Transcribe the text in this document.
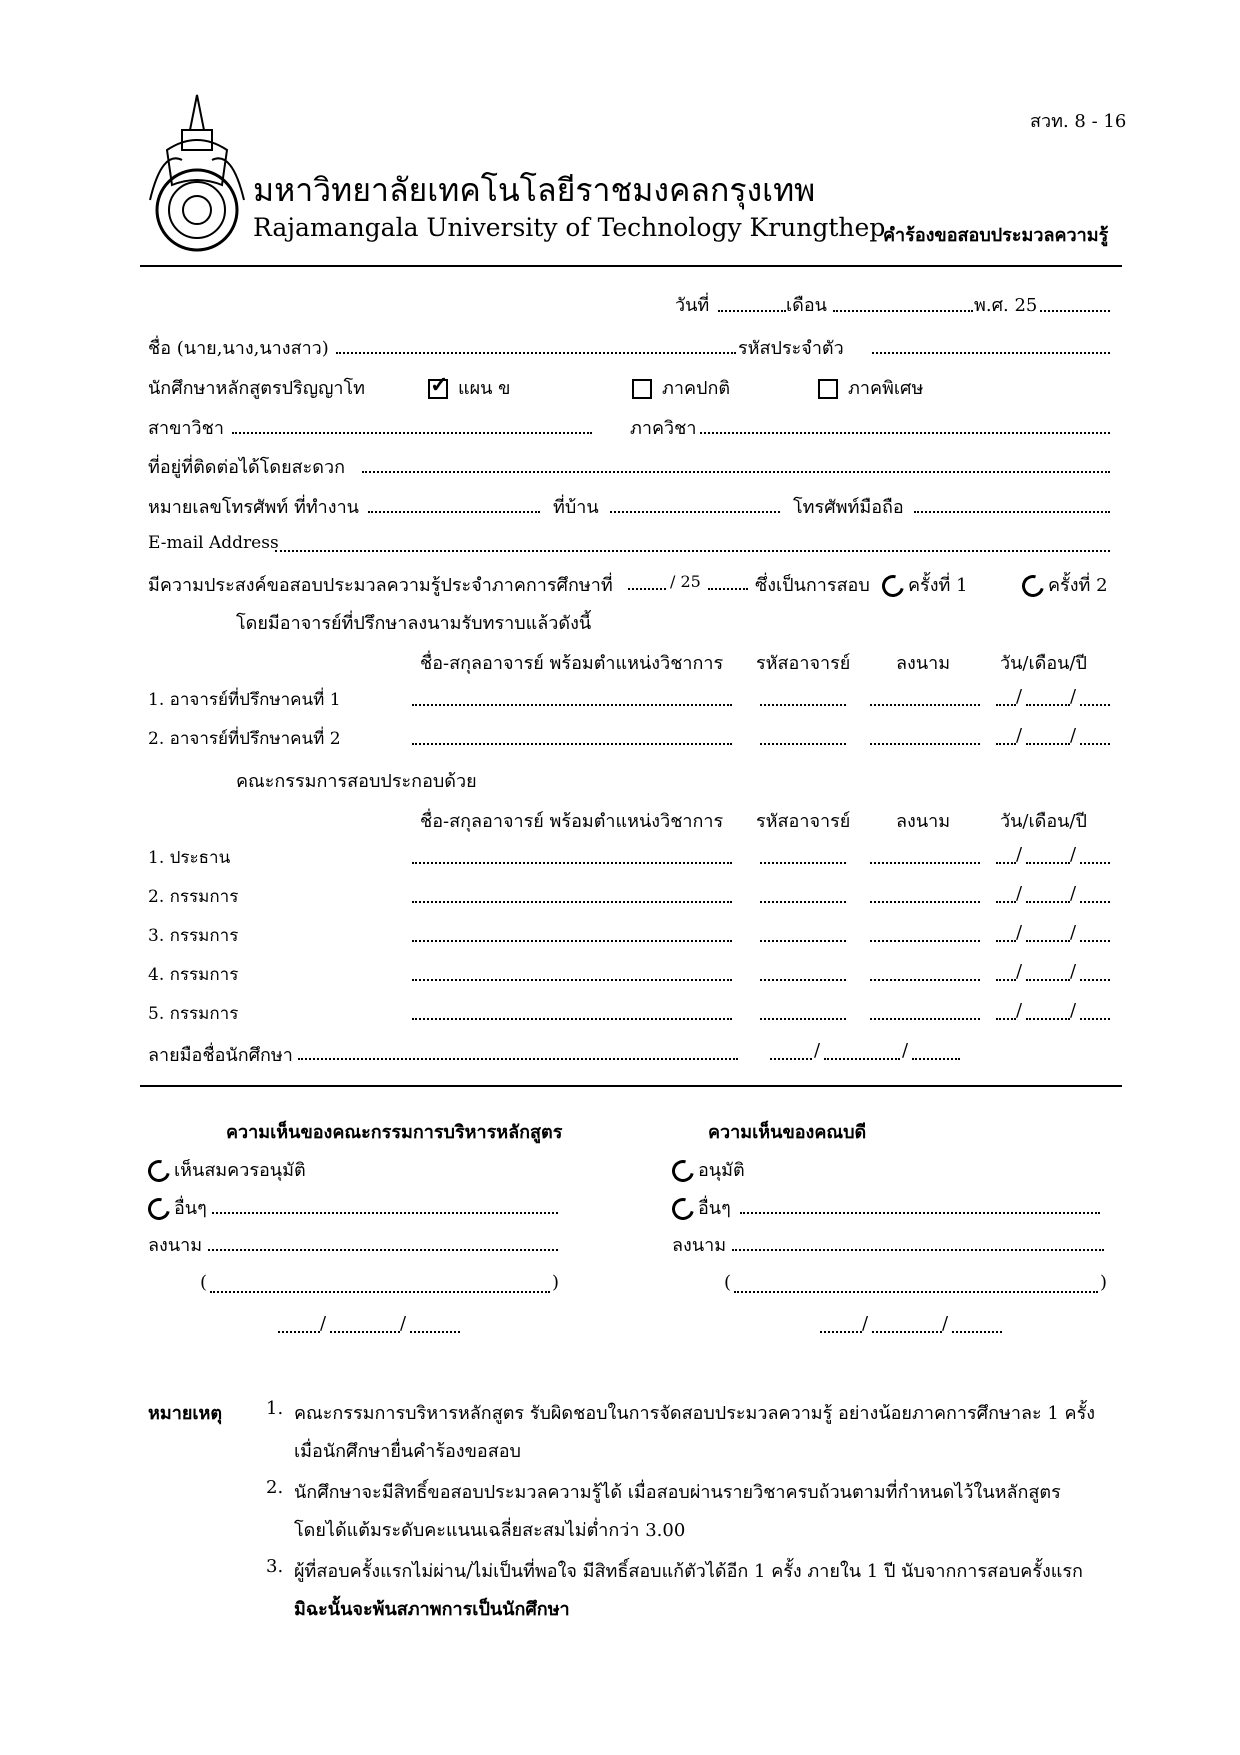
สวท. 8 - 16
มหาวิทยาลัยเทคโนโลยีราชมงคลกรุงเทพ
Rajamangala University of Technology Krungthep
คำร้องขอสอบประมวลความรู้
วันที่	เดือน	พ.ศ. 25
ชื่อ (นาย,นาง,นางสาว)	รหัสประจำตัว
นักศึกษาหลักสูตรปริญญาโท
✓	แผน ข	ภาคปกติ	ภาคพิเศษ
สาขาวิชา	ภาควิชา
ที่อยู่ที่ติดต่อได้โดยสะดวก
หมายเลขโทรศัพท์ ที่ทำงาน	ที่บ้าน	โทรศัพท์มือถือ
E-mail Address
มีความประสงค์ขอสอบประมวลความรู้ประจำภาคการศึกษาที่	/ 25	ซึ่งเป็นการสอบ	ครั้งที่ 1	ครั้งที่ 2
โดยมีอาจารย์ที่ปรึกษาลงนามรับทราบแล้วดังนี้
ชื่อ-สกุลอาจารย์ พร้อมตำแหน่งวิชาการ รหัสอาจารย์	ลงนาม	วัน/เดือน/ปี
1. อาจารย์ที่ปรึกษาคนที่ 1	/	/
2. อาจารย์ที่ปรึกษาคนที่ 2	/	/
คณะกรรมการสอบประกอบด้วย
ชื่อ-สกุลอาจารย์ พร้อมตำแหน่งวิชาการ รหัสอาจารย์	ลงนาม	วัน/เดือน/ปี
1. ประธาน	/	/
2. กรรมการ	/	/
3. กรรมการ	/	/
4. กรรมการ	/	/
5. กรรมการ	/	/
ลายมือชื่อนักศึกษา	/	/
ความเห็นของคณะกรรมการบริหารหลักสูตร
เห็นสมควรอนุมัติ
อื่นๆ
ลงนาม
(	)
/	/
ความเห็นของคณบดี
อนุมัติ
อื่นๆ
ลงนาม
(	)
/	/
หมายเหตุ 1. คณะกรรมการบริหารหลักสูตร รับผิดชอบในการจัดสอบประมวลความรู้ อย่างน้อยภาคการศึกษาละ 1 ครั้ง
เมื่อนักศึกษายื่นคำร้องขอสอบ
2. นักศึกษาจะมีสิทธิ์ขอสอบประมวลความรู้ได้ เมื่อสอบผ่านรายวิชาครบถ้วนตามที่กำหนดไว้ในหลักสูตร
โดยได้แต้มระดับคะแนนเฉลี่ยสะสมไม่ต่ำกว่า 3.00
3. ผู้ที่สอบครั้งแรกไม่ผ่าน/ไม่เป็นที่พอใจ มีสิทธิ์สอบแก้ตัวได้อีก 1 ครั้ง ภายใน 1 ปี นับจากการสอบครั้งแรก
มิฉะนั้นจะพ้นสภาพการเป็นนักศึกษา
